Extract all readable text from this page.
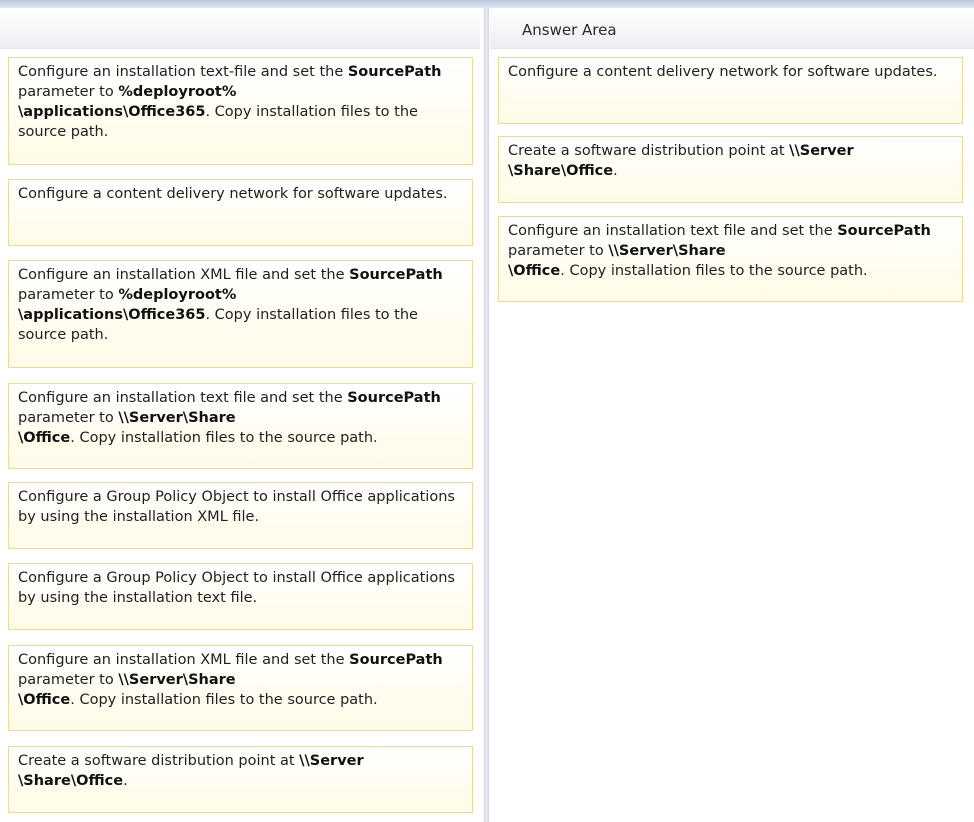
Answer Area
Configure an installation text-file and set the SourcePath parameter to %deployroot%
\applications\Office365. Copy installation files to the source path.
Configure a content delivery network for software updates.
Configure an installation XML file and set the SourcePath parameter to %deployroot%
\applications\Office365. Copy installation files to the source path.
Configure an installation text file and set the SourcePath parameter to \\Server\Share
\Office. Copy installation files to the source path.
Configure a Group Policy Object to install Office applications by using the installation XML file.
Configure a Group Policy Object to install Office applications by using the installation text file.
Configure an installation XML file and set the SourcePath parameter to \\Server\Share
\Office. Copy installation files to the source path.
Create a software distribution point at \\Server
\Share\Office.
Configure a content delivery network for software updates.
Create a software distribution point at \\Server
\Share\Office.
Configure an installation text file and set the SourcePath parameter to \\Server\Share
\Office. Copy installation files to the source path.
